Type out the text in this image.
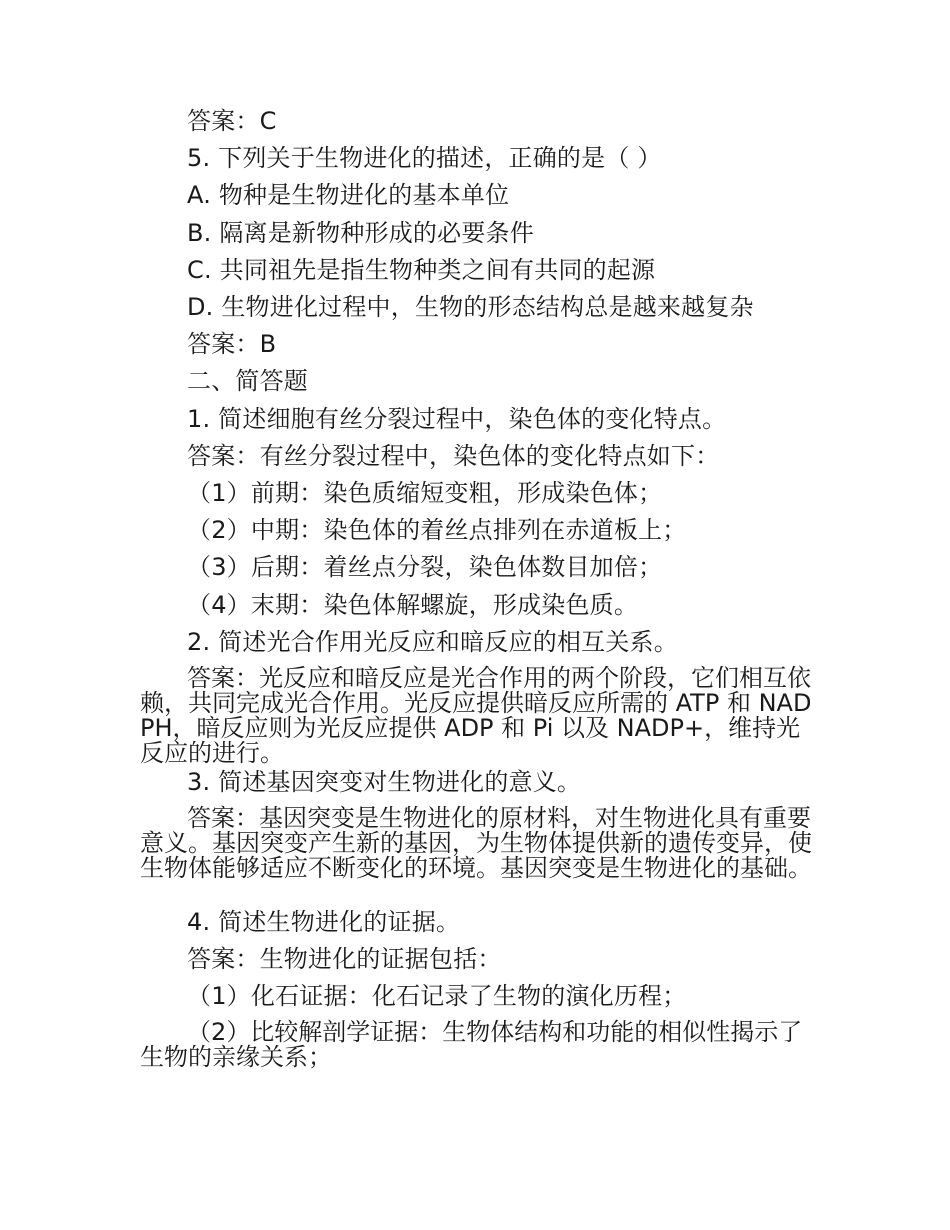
答案：C
5. 下列关于生物进化的描述，正确的是（ ）
A. 物种是生物进化的基本单位
B. 隔离是新物种形成的必要条件
C. 共同祖先是指生物种类之间有共同的起源
D. 生物进化过程中，生物的形态结构总是越来越复杂
答案：B
二、简答题
1. 简述细胞有丝分裂过程中，染色体的变化特点。
答案：有丝分裂过程中，染色体的变化特点如下：
（1）前期：染色质缩短变粗，形成染色体；
（2）中期：染色体的着丝点排列在赤道板上；
（3）后期：着丝点分裂，染色体数目加倍；
（4）末期：染色体解螺旋，形成染色质。
2. 简述光合作用光反应和暗反应的相互关系。
答案：光反应和暗反应是光合作用的两个阶段，它们相互依赖，共同完成光合作用。光反应提供暗反应所需的 ATP 和 NADPH，暗反应则为光反应提供 ADP 和 Pi 以及 NADP+，维持光反应的进行。
3. 简述基因突变对生物进化的意义。
答案：基因突变是生物进化的原材料，对生物进化具有重要意义。基因突变产生新的基因，为生物体提供新的遗传变异，使生物体能够适应不断变化的环境。基因突变是生物进化的基础。
4. 简述生物进化的证据。
答案：生物进化的证据包括：
（1）化石证据：化石记录了生物的演化历程；
（2）比较解剖学证据：生物体结构和功能的相似性揭示了生物的亲缘关系；
